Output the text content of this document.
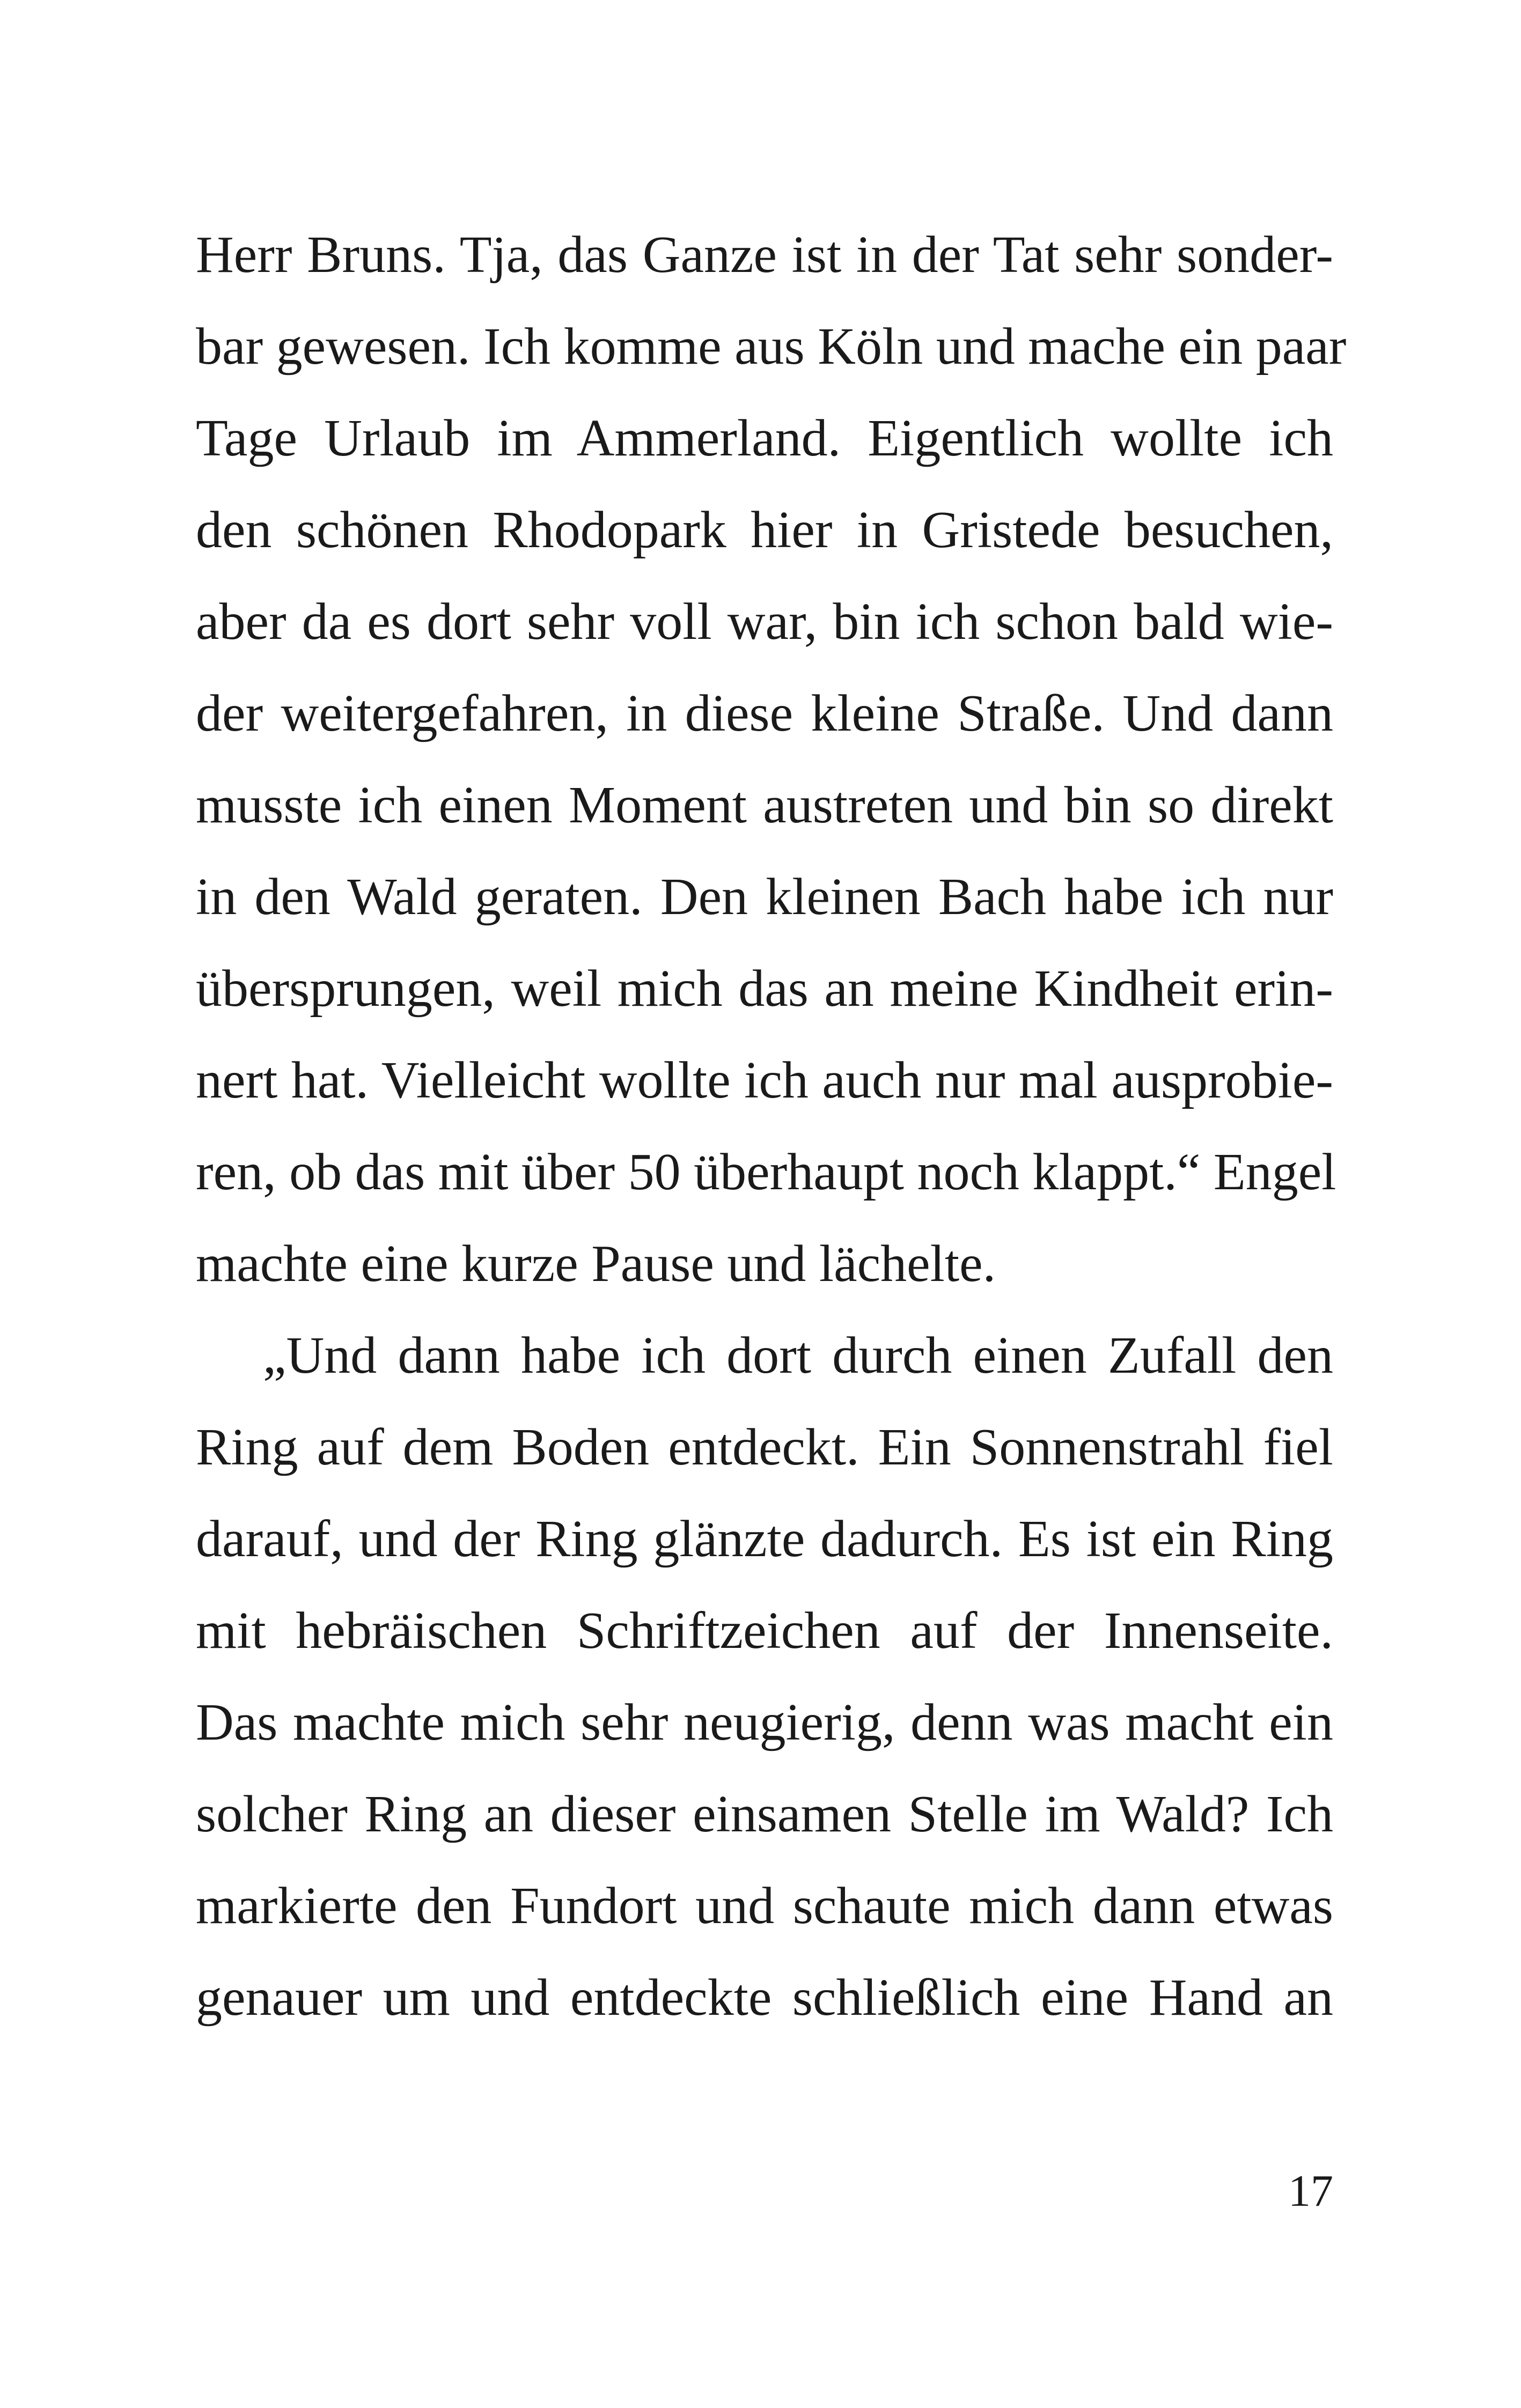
Herr Bruns. Tja, das Ganze ist in der Tat sehr sonder-
bar gewesen. Ich komme aus Köln und mache ein paar
Tage Urlaub im Ammerland. Eigentlich wollte ich
den schönen Rhodopark hier in Gristede besuchen,
aber da es dort sehr voll war, bin ich schon bald wie-
der weitergefahren, in diese kleine Straße. Und dann
musste ich einen Moment austreten und bin so direkt
in den Wald geraten. Den kleinen Bach habe ich nur
übersprungen, weil mich das an meine Kindheit erin-
nert hat. Vielleicht wollte ich auch nur mal ausprobie-
ren, ob das mit über 50 überhaupt noch klappt.“ Engel
machte eine kurze Pause und lächelte.
„Und dann habe ich dort durch einen Zufall den
Ring auf dem Boden entdeckt. Ein Sonnenstrahl fiel
darauf, und der Ring glänzte dadurch. Es ist ein Ring
mit hebräischen Schriftzeichen auf der Innenseite.
Das machte mich sehr neugierig, denn was macht ein
solcher Ring an dieser einsamen Stelle im Wald? Ich
markierte den Fundort und schaute mich dann etwas
genauer um und entdeckte schließlich eine Hand an
17
